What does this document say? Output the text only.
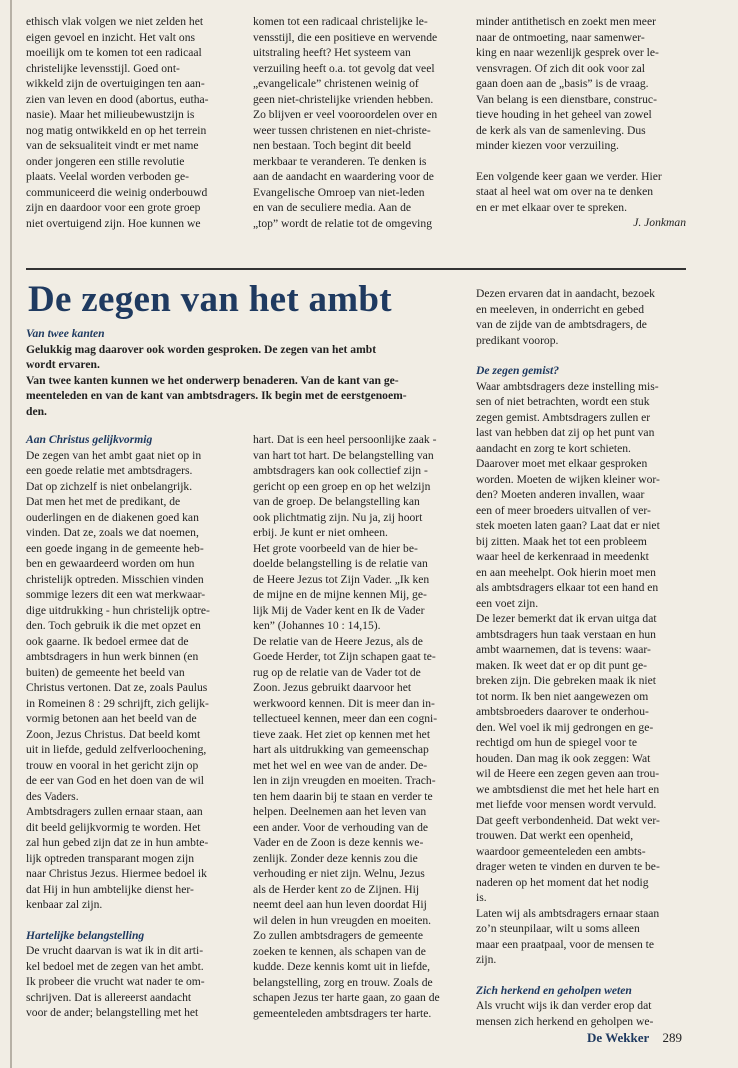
ethisch vlak volgen we niet zelden het
eigen gevoel en inzicht. Het valt ons
moeilijk om te komen tot een radicaal
christelijke levensstijl. Goed ont-
wikkeld zijn de overtuigingen ten aan-
zien van leven en dood (abortus, eutha-
nasie). Maar het milieubewustzijn is
nog matig ontwikkeld en op het terrein
van de seksualiteit vindt er met name
onder jongeren een stille revolutie
plaats. Veelal worden verboden ge-
communiceerd die weinig onderbouwd
zijn en daardoor voor een grote groep
niet overtuigend zijn. Hoe kunnen we

komen tot een radicaal christelijke le-
vensstijl, die een positieve en wervende
uitstraling heeft? Het systeem van
verzuiling heeft o.a. tot gevolg dat veel
„evangelicale” christenen weinig of
geen niet-christelijke vrienden hebben.
Zo blijven er veel vooroordelen over en
weer tussen christenen en niet-christe-
nen bestaan. Toch begint dit beeld
merkbaar te veranderen. Te denken is
aan de aandacht en waardering voor de
Evangelische Omroep van niet-leden
en van de seculiere media. Aan de
„top” wordt de relatie tot de omgeving

minder antithetisch en zoekt men meer
naar de ontmoeting, naar samenwer-
king en naar wezenlijk gesprek over le-
vensvragen. Of zich dit ook voor zal
gaan doen aan de „basis” is de vraag.
Van belang is een dienstbare, construc-
tieve houding in het geheel van zowel
de kerk als van de samenleving. Dus
minder kiezen voor verzuiling.

Een volgende keer gaan we verder. Hier
staat al heel wat om over na te denken
en er met elkaar over te spreken.

J. Jonkman

De zegen van het ambt

Van twee kanten

Gelukkig mag daarover ook worden gesproken. De zegen van het ambt
wordt ervaren.

Van twee kanten kunnen we het onderwerp benaderen. Van de kant van ge-
meenteleden en van de kant van ambtsdragers. Ik begin met de eerstgenoem-
den.

Aan Christus gelijkvormig

De zegen van het ambt gaat niet op in
een goede relatie met ambtsdragers.
Dat op zichzelf is niet onbelangrijk.
Dat men het met de predikant, de
ouderlingen en de diakenen goed kan
vinden. Dat ze, zoals we dat noemen,
een goede ingang in de gemeente heb-
ben en gewaardeerd worden om hun
christelijk optreden. Misschien vinden
sommige lezers dit een wat merkwaar-
dige uitdrukking - hun christelijk optre-
den. Toch gebruik ik die met opzet en
ook gaarne. Ik bedoel ermee dat de
ambtsdragers in hun werk binnen (en
buiten) de gemeente het beeld van
Christus vertonen. Dat ze, zoals Paulus
in Romeinen 8 : 29 schrijft, zich gelijk-
vormig betonen aan het beeld van de
Zoon, Jezus Christus. Dat beeld komt
uit in liefde, geduld zelfverloochening,
trouw en vooral in het gericht zijn op
de eer van God en het doen van de wil
des Vaders.
Ambtsdragers zullen ernaar staan, aan
dit beeld gelijkvormig te worden. Het
zal hun gebed zijn dat ze in hun ambte-
lijk optreden transparant mogen zijn
naar Christus Jezus. Hiermee bedoel ik
dat Hij in hun ambtelijke dienst her-
kenbaar zal zijn.

Hartelijke belangstelling

De vrucht daarvan is wat ik in dit arti-
kel bedoel met de zegen van het ambt.
Ik probeer die vrucht wat nader te om-
schrijven. Dat is allereerst aandacht
voor de ander; belangstelling met het

hart. Dat is een heel persoonlijke zaak -
van hart tot hart. De belangstelling van
ambtsdragers kan ook collectief zijn -
gericht op een groep en op het welzijn
van de groep. De belangstelling kan
ook plichtmatig zijn. Nu ja, zij hoort
erbij. Je kunt er niet omheen.
Het grote voorbeeld van de hier be-
doelde belangstelling is de relatie van
de Heere Jezus tot Zijn Vader. „Ik ken
de mijne en de mijne kennen Mij, ge-
lijk Mij de Vader kent en Ik de Vader
ken” (Johannes 10 : 14,15).
De relatie van de Heere Jezus, als de
Goede Herder, tot Zijn schapen gaat te-
rug op de relatie van de Vader tot de
Zoon. Jezus gebruikt daarvoor het
werkwoord kennen. Dit is meer dan in-
tellectueel kennen, meer dan een cogni-
tieve zaak. Het ziet op kennen met het
hart als uitdrukking van gemeenschap
met het wel en wee van de ander. De-
len in zijn vreugden en moeiten. Trach-
ten hem daarin bij te staan en verder te
helpen. Deelnemen aan het leven van
een ander. Voor de verhouding van de
Vader en de Zoon is deze kennis we-
zenlijk. Zonder deze kennis zou die
verhouding er niet zijn. Welnu, Jezus
als de Herder kent zo de Zijnen. Hij
neemt deel aan hun leven doordat Hij
wil delen in hun vreugden en moeiten.
Zo zullen ambtsdragers de gemeente
zoeken te kennen, als schapen van de
kudde. Deze kennis komt uit in liefde,
belangstelling, zorg en trouw. Zoals de
schapen Jezus ter harte gaan, zo gaan de
gemeenteleden ambtsdragers ter harte.

Dezen ervaren dat in aandacht, bezoek
en meeleven, in onderricht en gebed
van de zijde van de ambtsdragers, de
predikant voorop.

De zegen gemist?

Waar ambtsdragers deze instelling mis-
sen of niet betrachten, wordt een stuk
zegen gemist. Ambtsdragers zullen er
last van hebben dat zij op het punt van
aandacht en zorg te kort schieten.
Daarover moet met elkaar gesproken
worden. Moeten de wijken kleiner wor-
den? Moeten anderen invallen, waar
een of meer broeders uitvallen of ver-
stek moeten laten gaan? Laat dat er niet
bij zitten. Maak het tot een probleem
waar heel de kerkenraad in meedenkt
en aan meehelpt. Ook hierin moet men
als ambtsdragers elkaar tot een hand en
een voet zijn.
De lezer bemerkt dat ik ervan uitga dat
ambtsdragers hun taak verstaan en hun
ambt waarnemen, dat is tevens: waar-
maken. Ik weet dat er op dit punt ge-
breken zijn. Die gebreken maak ik niet
tot norm. Ik ben niet aangewezen om
ambtsbroeders daarover te onderhou-
den. Wel voel ik mij gedrongen en ge-
rechtigd om hun de spiegel voor te
houden. Dan mag ik ook zeggen: Wat
wil de Heere een zegen geven aan trou-
we ambtsdienst die met het hele hart en
met liefde voor mensen wordt vervuld.
Dat geeft verbondenheid. Dat wekt ver-
trouwen. Dat werkt een openheid,
waardoor gemeenteleden een ambts-
drager weten te vinden en durven te be-
naderen op het moment dat het nodig
is.
Laten wij als ambtsdragers ernaar staan
zo’n steunpilaar, wilt u soms alleen
maar een praatpaal, voor de mensen te
zijn.

Zich herkend en geholpen weten

Als vrucht wijs ik dan verder erop dat
mensen zich herkend en geholpen we-

De Wekker 289
